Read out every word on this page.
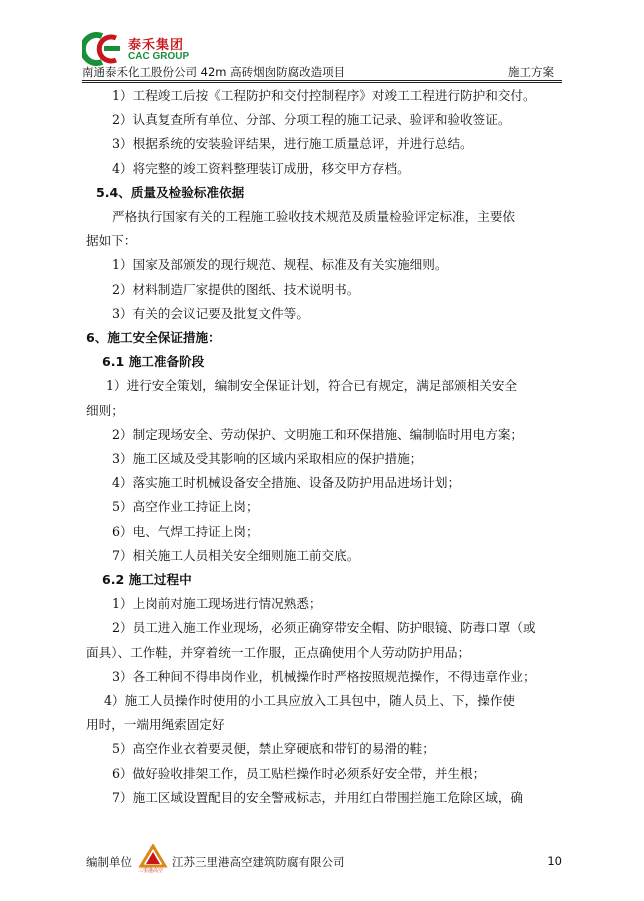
泰禾集团
CAC GROUP
南通泰禾化工股份公司 42m 高砖烟囱防腐改造项目	施工方案

1）工程竣工后按《工程防护和交付控制程序》对竣工工程进行防护和交付。

2）认真复查所有单位、分部、分项工程的施工记录、验评和验收签证。

3）根据系统的安装验评结果，进行施工质量总评，并进行总结。

4）将完整的竣工资料整理装订成册，移交甲方存档。

5.4、质量及检验标准依据

严格执行国家有关的工程施工验收技术规范及质量检验评定标准，主要依

据如下：

1）国家及部颁发的现行规范、规程、标准及有关实施细则。

2）材料制造厂家提供的图纸、技术说明书。

3）有关的会议记要及批复文件等。

6、施工安全保证措施：

6.1 施工准备阶段

1）进行安全策划，编制安全保证计划，符合已有规定，满足部颁相关安全

细则；

2）制定现场安全、劳动保护、文明施工和环保措施、编制临时用电方案；

3）施工区域及受其影响的区域内采取相应的保护措施；

4）落实施工时机械设备安全措施、设备及防护用品进场计划；

5）高空作业工持证上岗；

6）电、气焊工持证上岗；

7）相关施工人员相关安全细则施工前交底。

6.2 施工过程中

1）上岗前对施工现场进行情况熟悉；

2）员工进入施工作业现场，必须正确穿带安全帽、防护眼镜、防毒口罩（或

面具）、工作鞋，并穿着统一工作服，正点确使用个人劳动防护用品；

3）各工种间不得串岗作业，机械操作时严格按照规范操作，不得违章作业；

4）施工人员操作时使用的小工具应放入工具包中，随人员上、下，操作使

用时，一端用绳索固定好

5）高空作业衣着要灵便，禁止穿硬底和带钉的易滑的鞋；

6）做好验收排架工作，员工贴栏操作时必须系好安全带，并生根；

7）施工区域设置配目的安全警戒标志，并用红白带围拦施工危除区域，确

编制单位
三里港高空
江苏三里港高空建筑防腐有限公司	10
